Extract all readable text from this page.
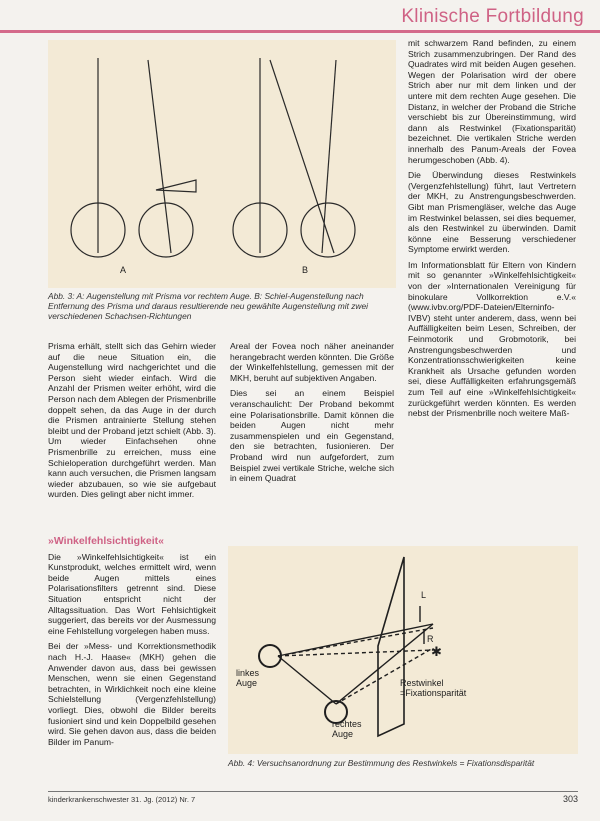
Klinische Fortbildung
A	B
Abb. 3: A: Augenstellung mit Prisma vor rechtem Auge. B: Schiel-Augenstellung nach Entfernung des Prisma und daraus resultierende neu gewählte Augenstellung mit zwei verschiedenen Schachsen-Richtungen

Prisma erhält, stellt sich das Gehirn wieder auf die neue Situation ein, die Augenstellung wird nachgerichtet und die Person sieht wieder einfach. Wird die Anzahl der Prismen weiter erhöht, wird die Person nach dem Ablegen der Prismenbrille doppelt sehen, da das Auge in der durch die Prismen antrainierte Stellung stehen bleibt und der Proband jetzt schielt (Abb. 3). Um wieder Einfachsehen ohne Prismenbrille zu erreichen, muss eine Schieloperation durchgeführt werden. Man kann auch versuchen, die Prismen langsam wieder abzubauen, so wie sie aufgebaut wurden. Dies gelingt aber nicht immer.

Areal der Fovea noch näher aneinander herangebracht werden könnten. Die Größe der Winkelfehlstellung, gemessen mit der MKH, beruht auf subjektiven Angaben.

Dies sei an einem Beispiel veranschaulicht: Der Proband bekommt eine Polarisationsbrille. Damit können die beiden Augen nicht mehr zusammenspielen und ein Gegenstand, den sie betrachten, fusionieren. Der Proband wird nun aufgefordert, zum Beispiel zwei vertikale Striche, welche sich in einem Quadrat

mit schwarzem Rand befinden, zu einem Strich zusammenzubringen. Der Rand des Quadrates wird mit beiden Augen gesehen. Wegen der Polarisation wird der obere Strich aber nur mit dem linken und der untere mit dem rechten Auge gesehen. Die Distanz, in welcher der Proband die Striche verschiebt bis zur Übereinstimmung, wird dann als Restwinkel (Fixationsparität) bezeichnet. Die vertikalen Striche werden innerhalb des Panum-Areals der Fovea herumgeschoben (Abb. 4).

Die Überwindung dieses Restwinkels (Vergenzfehlstellung) führt, laut Vertretern der MKH, zu Anstrengungsbeschwerden. Gibt man Prismengläser, welche das Auge im Restwinkel belassen, sei dies bequemer, als den Restwinkel zu überwinden. Damit könne eine Besserung verschiedener Symptome erwirkt werden.

Im Informationsblatt für Eltern von Kindern mit so genannter »Winkelfehlsichtigkeit« von der »Internationalen Vereinigung für binokulare Vollkorrektion e.V.« (www.ivbv.org/PDF-Dateien/Elterninfo-IVBV) steht unter anderem, dass, wenn bei Auffälligkeiten beim Lesen, Schreiben, der Feinmotorik und Grobmotorik, bei Anstrengungsbeschwerden und Konzentrationsschwierigkeiten keine Krankheit als Ursache gefunden worden sei, diese Auffälligkeiten erfahrungsgemäß zum Teil auf eine »Winkelfehlsichtigkeit« zurückgeführt werden könnten. Es werden nebst der Prismenbrille noch weitere Maß-

»Winkelfehlsichtigkeit«

Die »Winkelfehlsichtigkeit« ist ein Kunstprodukt, welches ermittelt wird, wenn beide Augen mittels eines Polarisationsfilters getrennt sind. Diese Situation entspricht nicht der Alltagssituation. Das Wort Fehlsichtigkeit suggeriert, das bereits vor der Ausmessung eine Fehlstellung vorgelegen haben muss.

Bei der »Mess- und Korrektionsmethodik nach H.-J. Haase« (MKH) gehen die Anwender davon aus, dass bei gewissen Menschen, wenn sie einen Gegenstand betrachten, in Wirklichkeit noch eine kleine Schielstellung (Vergenzfehlstellung) vorliegt. Dies, obwohl die Bilder bereits fusioniert sind und kein Doppelbild gesehen wird. Sie gehen davon aus, dass die beiden Bilder im Panum-

✱
L
R
linkes
Auge
rechtes
Auge
Restwinkel
=Fixationsparität
Abb. 4: Versuchsanordnung zur Bestimmung des Restwinkels = Fixationsdisparität
kinderkrankenschwester 31. Jg. (2012) Nr. 7	303
